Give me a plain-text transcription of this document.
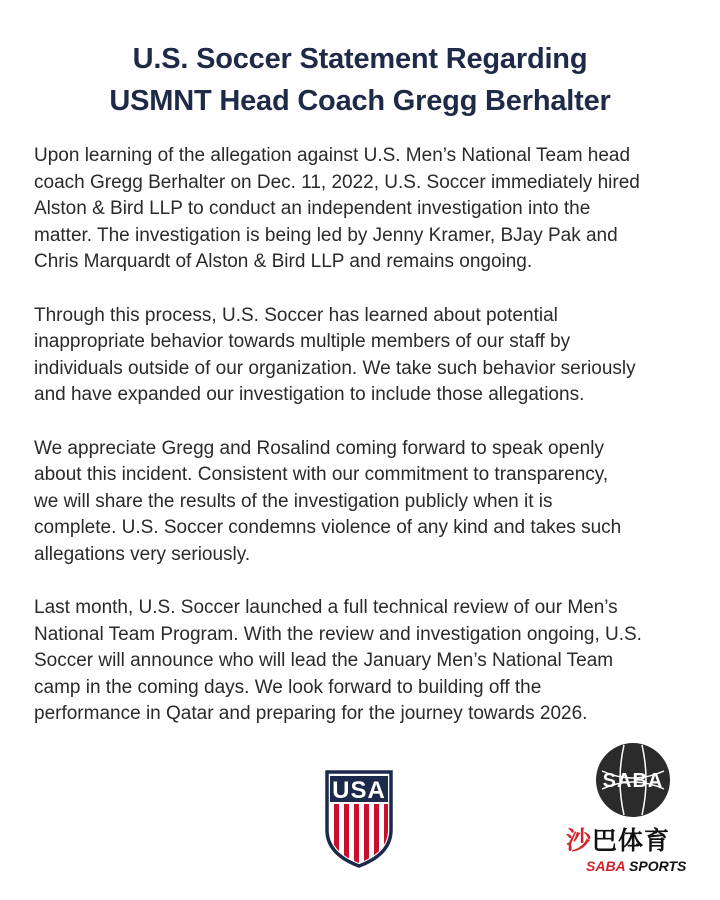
U.S. Soccer Statement Regarding
USMNT Head Coach Gregg Berhalter

Upon learning of the allegation against U.S. Men’s National Team head
coach Gregg Berhalter on Dec. 11, 2022, U.S. Soccer immediately hired
Alston & Bird LLP to conduct an independent investigation into the
matter. The investigation is being led by Jenny Kramer, BJay Pak and
Chris Marquardt of Alston & Bird LLP and remains ongoing.

Through this process, U.S. Soccer has learned about potential
inappropriate behavior towards multiple members of our staff by
individuals outside of our organization. We take such behavior seriously
and have expanded our investigation to include those allegations.

We appreciate Gregg and Rosalind coming forward to speak openly
about this incident. Consistent with our commitment to transparency,
we will share the results of the investigation publicly when it is
complete. U.S. Soccer condemns violence of any kind and takes such
allegations very seriously.

Last month, U.S. Soccer launched a full technical review of our Men’s
National Team Program. With the review and investigation ongoing, U.S.
Soccer will announce who will lead the January Men’s National Team
camp in the coming days. We look forward to building off the
performance in Qatar and preparing for the journey towards 2026.

USA	SABA
沙巴体育
SABA SPORTS
